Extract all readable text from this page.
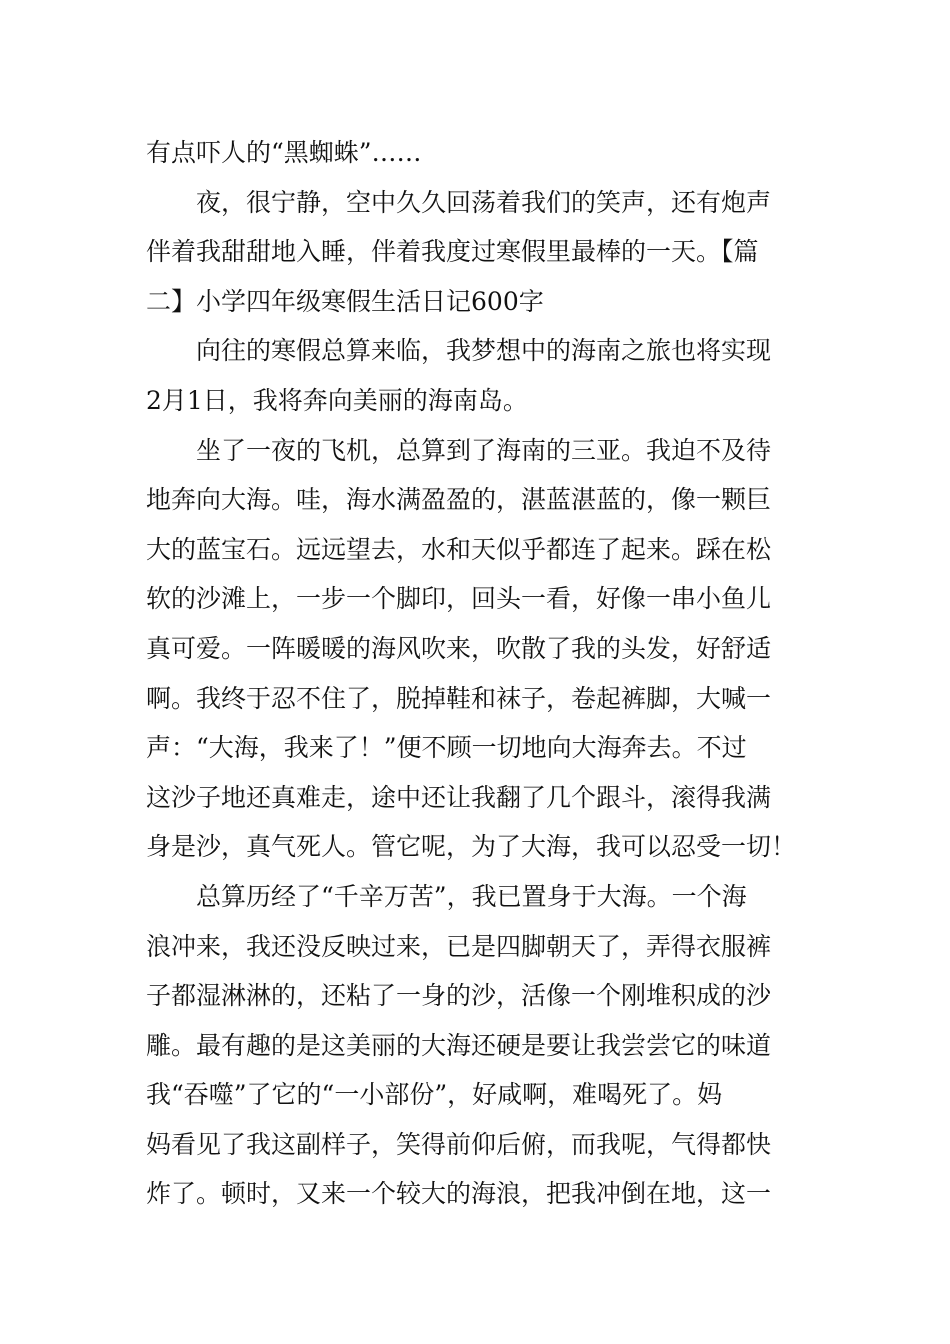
有点吓人的“黑蜘蛛”……
　　夜，很宁静，空中久久回荡着我们的笑声，还有炮声
伴着我甜甜地入睡，伴着我度过寒假里最棒的一天。【篇
二】小学四年级寒假生活日记600字
　　向往的寒假总算来临，我梦想中的海南之旅也将实现
2月1日，我将奔向美丽的海南岛。
　　坐了一夜的飞机，总算到了海南的三亚。我迫不及待
地奔向大海。哇，海水满盈盈的，湛蓝湛蓝的，像一颗巨
大的蓝宝石。远远望去，水和天似乎都连了起来。踩在松
软的沙滩上，一步一个脚印，回头一看，好像一串小鱼儿
真可爱。一阵暖暖的海风吹来，吹散了我的头发，好舒适
啊。我终于忍不住了，脱掉鞋和袜子，卷起裤脚，大喊一
声：“大海，我来了！”便不顾一切地向大海奔去。不过
这沙子地还真难走，途中还让我翻了几个跟斗，滚得我满
身是沙，真气死人。管它呢，为了大海，我可以忍受一切！
　　总算历经了“千辛万苦”，我已置身于大海。一个海
浪冲来，我还没反映过来，已是四脚朝天了，弄得衣服裤
子都湿淋淋的，还粘了一身的沙，活像一个刚堆积成的沙
雕。最有趣的是这美丽的大海还硬是要让我尝尝它的味道
我“吞噬”了它的“一小部份”，好咸啊，难喝死了。妈
妈看见了我这副样子，笑得前仰后俯，而我呢，气得都快
炸了。顿时，又来一个较大的海浪，把我冲倒在地，这一
